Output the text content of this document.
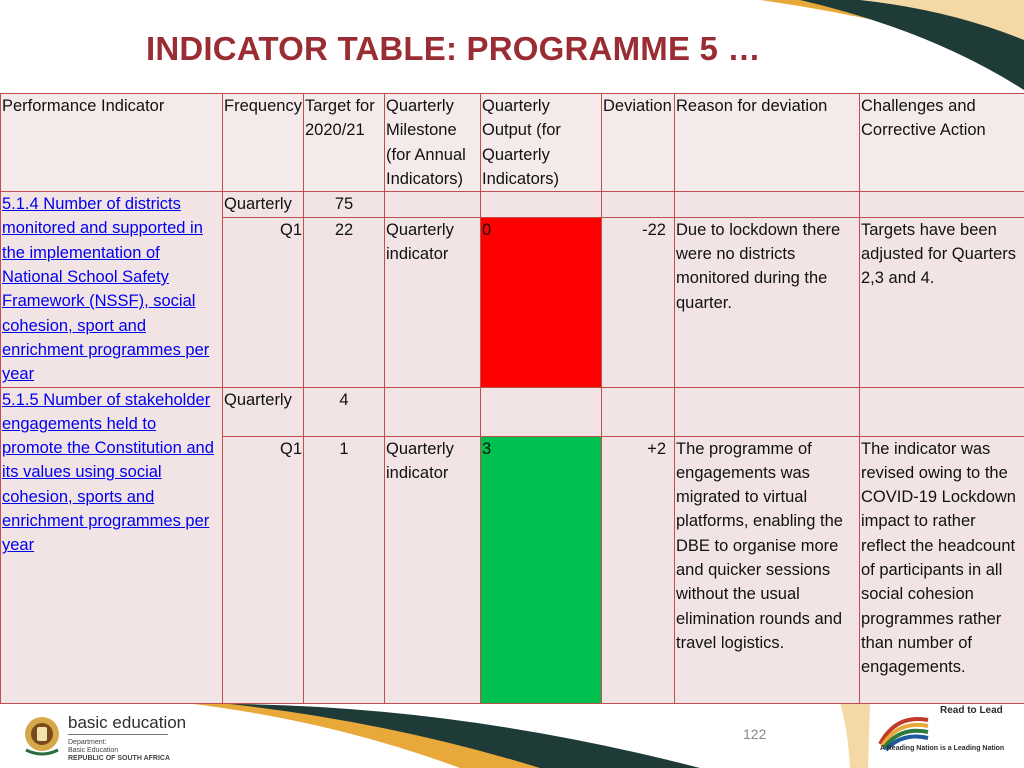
INDICATOR TABLE: PROGRAMME 5 …
Performance Indicator	Frequency	Target for 2020/21	Quarterly Milestone (for Annual Indicators)	Quarterly Output (for Quarterly Indicators)	Deviation	Reason for deviation	Challenges and Corrective Action
5.1.4 Number of districts monitored and supported in the implementation of National School Safety Framework (NSSF), social cohesion, sport and enrichment programmes per year	Quarterly	75					
	Q1	22	Quarterly indicator	0	-22	Due to lockdown there were no districts monitored during the quarter.	Targets have been adjusted for Quarters 2,3 and 4.
5.1.5 Number of stakeholder engagements held to promote the Constitution and its values using social cohesion, sports and enrichment programmes per year	Quarterly	4					
	Q1	1	Quarterly indicator	3	+2	The programme of engagements was migrated to virtual platforms, enabling the DBE to organise more and quicker sessions without the usual elimination rounds and travel logistics.	The indicator was revised owing to the COVID-19 Lockdown impact to rather reflect the headcount of participants in all social cohesion programmes rather than number of engagements.
basic education
Department:
Basic Education
REPUBLIC OF SOUTH AFRICA
122
Read to Lead
A Reading Nation is a Leading Nation
